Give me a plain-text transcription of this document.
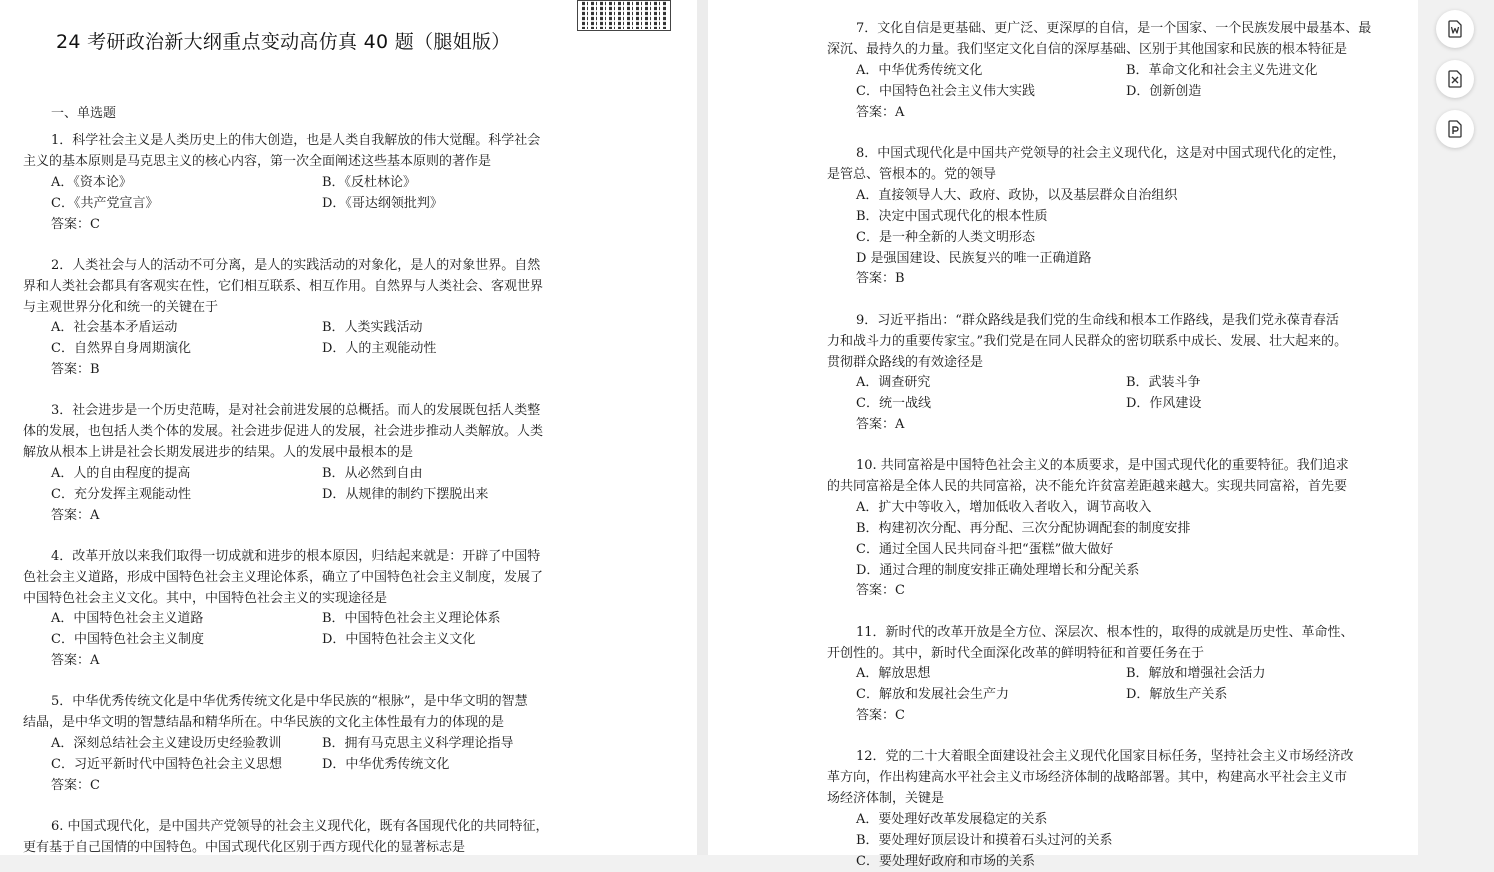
24 考研政治新大纲重点变动高仿真 40 题（腿姐版）
一、单选题
1．科学社会主义是人类历史上的伟大创造，也是人类自我解放的伟大觉醒。科学社会
主义的基本原则是马克思主义的核心内容，第一次全面阐述这些基本原则的著作是
A．《资本论》	B．《反杜林论》
C．《共产党宣言》	D．《哥达纲领批判》
答案：C
2．人类社会与人的活动不可分离，是人的实践活动的对象化，是人的对象世界。自然
界和人类社会都具有客观实在性，它们相互联系、相互作用。自然界与人类社会、客观世界
与主观世界分化和统一的关键在于
A．社会基本矛盾运动	B．人类实践活动
C．自然界自身周期演化	D．人的主观能动性
答案：B
3．社会进步是一个历史范畴，是对社会前进发展的总概括。而人的发展既包括人类整
体的发展，也包括人类个体的发展。社会进步促进人的发展，社会进步推动人类解放。人类
解放从根本上讲是社会长期发展进步的结果。人的发展中最根本的是
A．人的自由程度的提高	B．从必然到自由
C．充分发挥主观能动性	D．从规律的制约下摆脱出来
答案：A
4．改革开放以来我们取得一切成就和进步的根本原因，归结起来就是：开辟了中国特
色社会主义道路，形成中国特色社会主义理论体系，确立了中国特色社会主义制度，发展了
中国特色社会主义文化。其中，中国特色社会主义的实现途径是
A．中国特色社会主义道路	B．中国特色社会主义理论体系
C．中国特色社会主义制度	D．中国特色社会主义文化
答案：A
5．中华优秀传统文化是中华优秀传统文化是中华民族的“根脉”，是中华文明的智慧
结晶，是中华文明的智慧结晶和精华所在。中华民族的文化主体性最有力的体现的是
A．深刻总结社会主义建设历史经验教训	B．拥有马克思主义科学理论指导
C．习近平新时代中国特色社会主义思想	D．中华优秀传统文化
答案：C
6. 中国式现代化，是中国共产党领导的社会主义现代化，既有各国现代化的共同特征，
更有基于自己国情的中国特色。中国式现代化区别于西方现代化的显著标志是
7．文化自信是更基础、更广泛、更深厚的自信，是一个国家、一个民族发展中最基本、最
深沉、最持久的力量。我们坚定文化自信的深厚基础、区别于其他国家和民族的根本特征是
A．中华优秀传统文化	B．革命文化和社会主义先进文化
C．中国特色社会主义伟大实践	D．创新创造
答案：A
8．中国式现代化是中国共产党领导的社会主义现代化，这是对中国式现代化的定性，
是管总、管根本的。党的领导
A．直接领导人大、政府、政协，以及基层群众自治组织
B．决定中国式现代化的根本性质
C．是一种全新的人类文明形态
D 是强国建设、民族复兴的唯一正确道路
答案：B
9．习近平指出：“群众路线是我们党的生命线和根本工作路线，是我们党永葆青春活
力和战斗力的重要传家宝。”我们党是在同人民群众的密切联系中成长、发展、壮大起来的。
贯彻群众路线的有效途径是
A．调查研究	B．武装斗争
C．统一战线	D．作风建设
答案：A
10. 共同富裕是中国特色社会主义的本质要求，是中国式现代化的重要特征。我们追求
的共同富裕是全体人民的共同富裕，决不能允许贫富差距越来越大。实现共同富裕，首先要
A．扩大中等收入，增加低收入者收入，调节高收入
B．构建初次分配、再分配、三次分配协调配套的制度安排
C．通过全国人民共同奋斗把“蛋糕”做大做好
D．通过合理的制度安排正确处理增长和分配关系
答案：C
11．新时代的改革开放是全方位、深层次、根本性的，取得的成就是历史性、革命性、
开创性的。其中，新时代全面深化改革的鲜明特征和首要任务在于
A．解放思想	B．解放和增强社会活力
C．解放和发展社会生产力	D．解放生产关系
答案：C
12．党的二十大着眼全面建设社会主义现代化国家目标任务，坚持社会主义市场经济改
革方向，作出构建高水平社会主义市场经济体制的战略部署。其中，构建高水平社会主义市
场经济体制，关键是
A．要处理好改革发展稳定的关系
B．要处理好顶层设计和摸着石头过河的关系
C．要处理好政府和市场的关系
